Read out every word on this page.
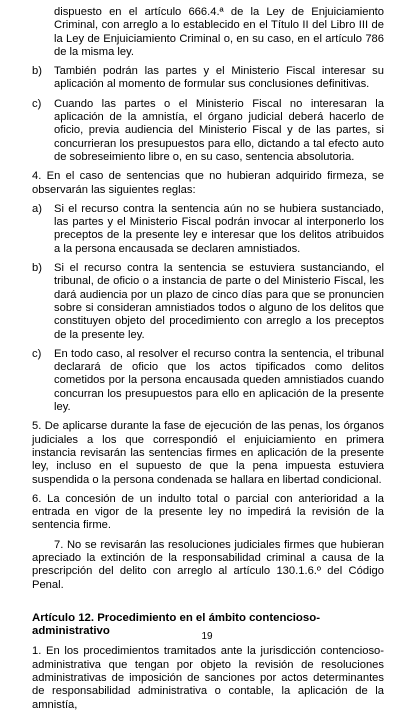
dispuesto en el artículo 666.4.ª de la Ley de Enjuiciamiento Criminal, con arreglo a lo establecido en el Título II del Libro III de la Ley de Enjuiciamiento Criminal o, en su caso, en el artículo 786 de la misma ley.

b)	También podrán las partes y el Ministerio Fiscal interesar su aplicación al momento de formular sus conclusiones definitivas.
c)	Cuando las partes o el Ministerio Fiscal no interesaran la aplicación de la amnistía, el órgano judicial deberá hacerlo de oficio, previa audiencia del Ministerio Fiscal y de las partes, si concurrieran los presupuestos para ello, dictando a tal efecto auto de sobreseimiento libre o, en su caso, sentencia absolutoria.

4. En el caso de sentencias que no hubieran adquirido firmeza, se observarán las siguientes reglas:

a)	Si el recurso contra la sentencia aún no se hubiera sustanciado, las partes y el Ministerio Fiscal podrán invocar al interponerlo los preceptos de la presente ley e interesar que los delitos atribuidos a la persona encausada se declaren amnistiados.
b)	Si el recurso contra la sentencia se estuviera sustanciando, el tribunal, de oficio o a instancia de parte o del Ministerio Fiscal, les dará audiencia por un plazo de cinco días para que se pronuncien sobre si consideran amnistiados todos o alguno de los delitos que constituyen objeto del procedimiento con arreglo a los preceptos de la presente ley.
c)	En todo caso, al resolver el recurso contra la sentencia, el tribunal declarará de oficio que los actos tipificados como delitos cometidos por la persona encausada queden amnistiados cuando concurran los presupuestos para ello en aplicación de la presente ley.

5. De aplicarse durante la fase de ejecución de las penas, los órganos judiciales a los que correspondió el enjuiciamiento en primera instancia revisarán las sentencias firmes en aplicación de la presente ley, incluso en el supuesto de que la pena impuesta estuviera suspendida o la persona condenada se hallara en libertad condicional.

6. La concesión de un indulto total o parcial con anterioridad a la entrada en vigor de la presente ley no impedirá la revisión de la sentencia firme.

7. No se revisarán las resoluciones judiciales firmes que hubieran apreciado la extinción de la responsabilidad criminal a causa de la prescripción del delito con arreglo al artículo 130.1.6.º del Código Penal.

Artículo 12. Procedimiento en el ámbito contencioso-administrativo

1. En los procedimientos tramitados ante la jurisdicción contencioso-administrativa que tengan por objeto la revisión de resoluciones administrativas de imposición de sanciones por actos determinantes de responsabilidad administrativa o contable, la aplicación de la amnistía,

19
